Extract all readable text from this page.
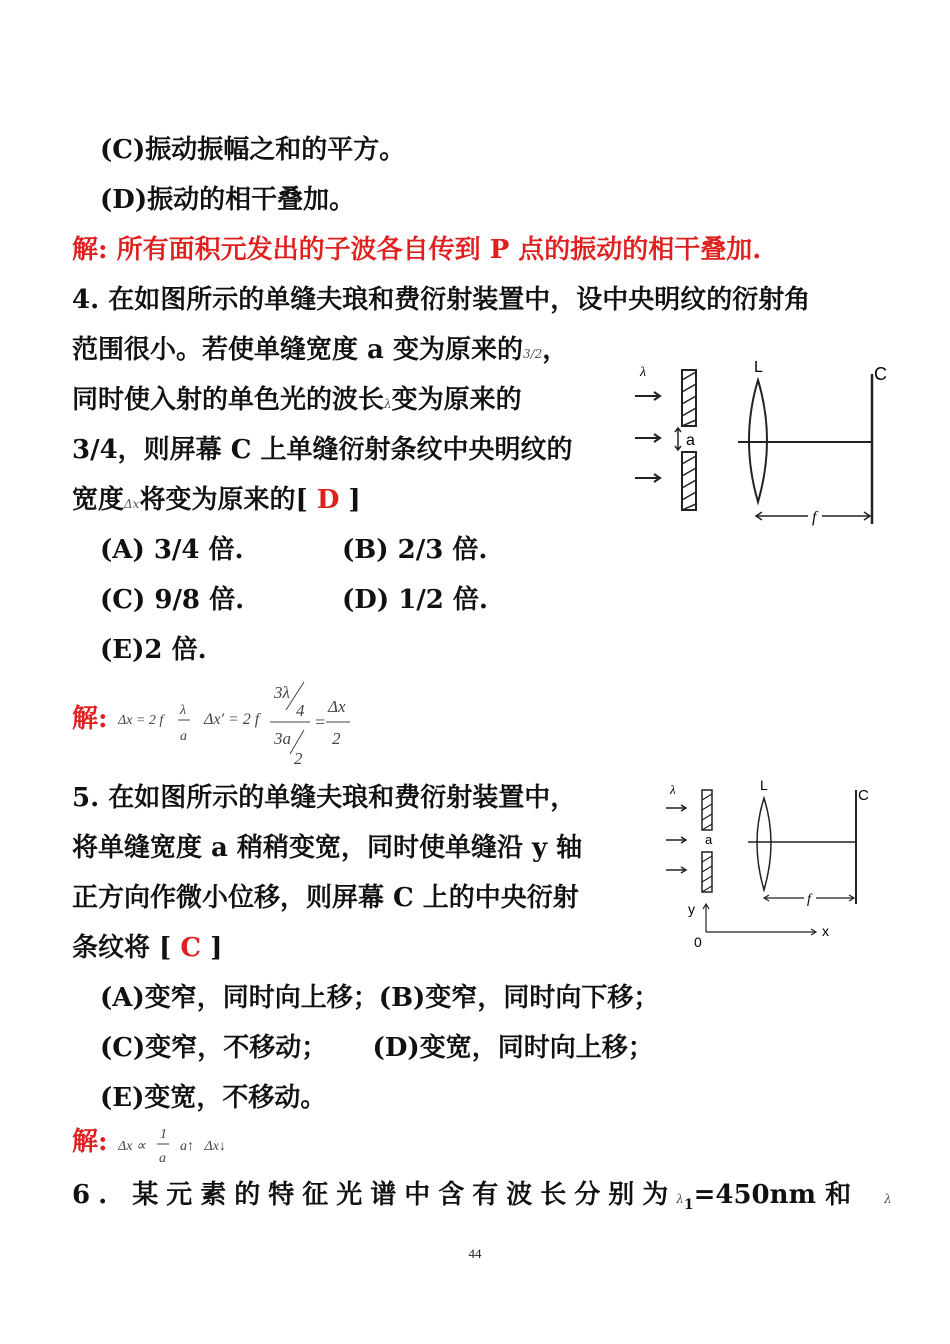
(C)振动振幅之和的平方。
(D)振动的相干叠加。
解: 所有面积元发出的子波各自传到 P 点的振动的相干叠加.
4. 在如图所示的单缝夫琅和费衍射装置中，设中央明纹的衍射角
范围很小。若使单缝宽度 a 变为原来的3/2，
同时使入射的单色光的波长λ变为原来的
3/4，则屏幕 C 上单缝衍射条纹中央明纹的
宽度Δx将变为原来的[ D ]
λ
a
L	C
f
(A) 3/4 倍.	(B) 2/3 倍.
(C) 9/8 倍.	(D) 1/2 倍.
(E)2 倍.
解: Δx = 2 f
λ
a
Δx′ = 2 f
3λ
4
3a
2
=
Δx
2
5. 在如图所示的单缝夫琅和费衍射装置中，
将单缝宽度 a 稍稍变宽，同时使单缝沿 y 轴
正方向作微小位移，则屏幕 C 上的中央衍射
条纹将 [ C ]
λ
a
L
C
f
y
x
0
(A)变窄，同时向上移；(B)变窄，同时向下移；
(C)变窄，不移动；     (D)变宽，同时向上移；
(E)变宽，不移动。
解: Δx ∝
1
a
a↑   Δx↓
6. 某元素的特征光谱中含有波长分别为$\lambda_1=450nm$ 和	λ
44
